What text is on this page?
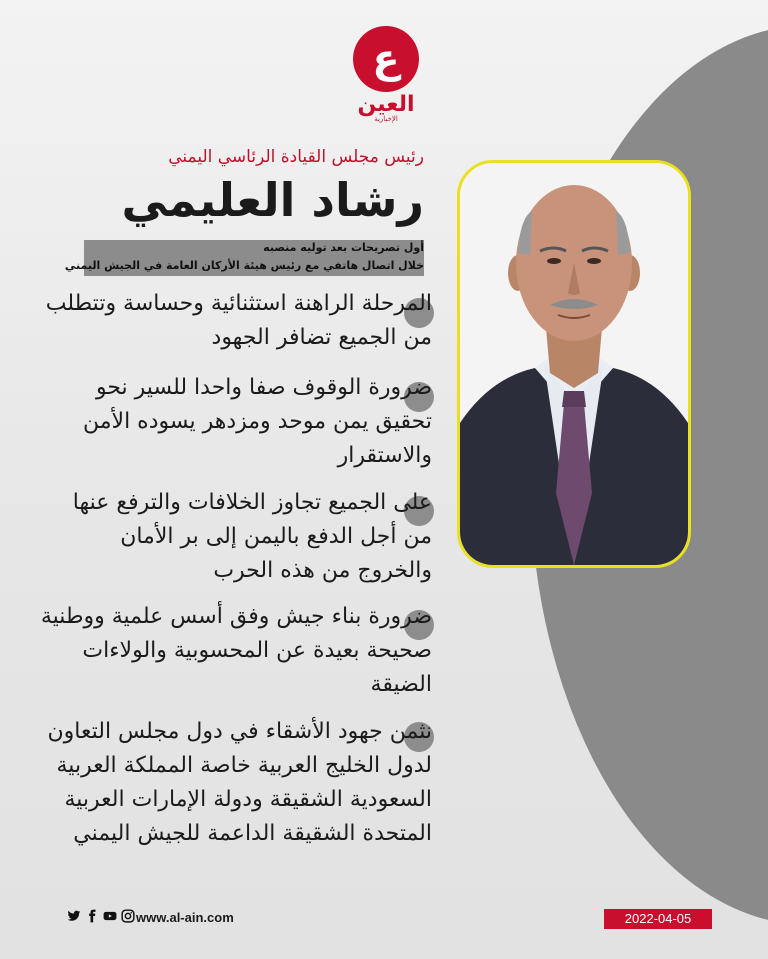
ع
العين
الإخبارية
رئيس مجلس القيادة الرئاسي اليمني
رشاد العليمي
أول تصريحات بعد توليه منصبه
خلال اتصال هاتفي مع رئيس هيئة الأركان العامة في الجيش اليمني
المرحلة الراهنة استثنائية وحساسة وتتطلب من الجميع تضافر الجهود
ضرورة الوقوف صفا واحدا للسير نحو تحقيق يمن موحد ومزدهر يسوده الأمن والاستقرار
على الجميع تجاوز الخلافات والترفع عنها من أجل الدفع باليمن إلى بر الأمان والخروج من هذه الحرب
ضرورة بناء جيش وفق أسس علمية ووطنية صحيحة بعيدة عن المحسوبية والولاءات الضيقة
نثمن جهود الأشقاء في دول مجلس التعاون لدول الخليج العربية خاصة المملكة العربية السعودية الشقيقة ودولة الإمارات العربية المتحدة الشقيقة الداعمة للجيش اليمني
www.al-ain.com	2022-04-05
